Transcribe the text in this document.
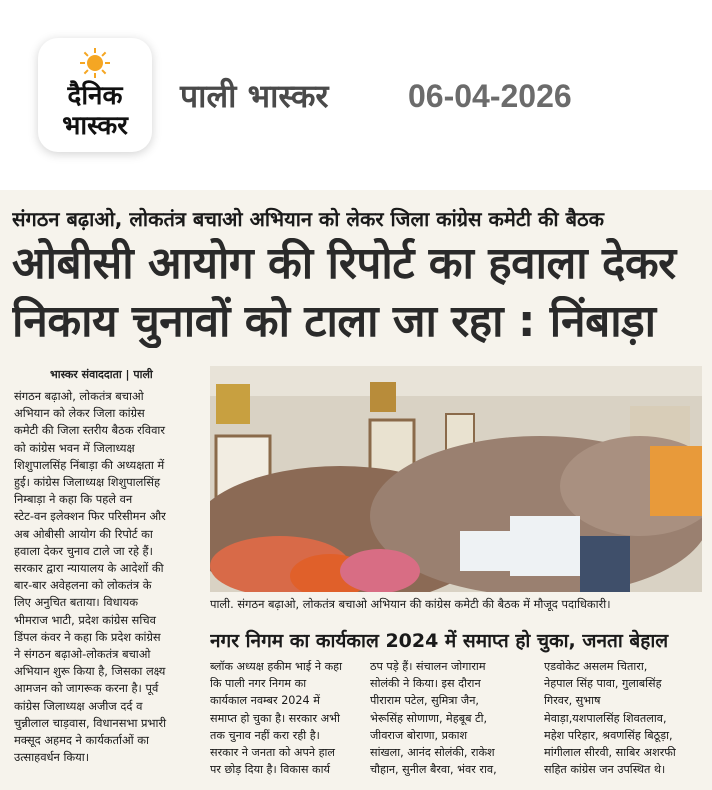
दैनिक
भास्कर
पाली भास्कर 06-04-2026
संगठन बढ़ाओ, लोकतंत्र बचाओ अभियान को लेकर जिला कांग्रेस कमेटी की बैठक
ओबीसी आयोग की रिपोर्ट का हवाला देकर
निकाय चुनावों को टाला जा रहा : निंबाड़ा
भास्कर संवाददाता | पाली

संगठन बढ़ाओ, लोकतंत्र बचाओ

अभियान को लेकर जिला कांग्रेस

कमेटी की जिला स्तरीय बैठक रविवार

को कांग्रेस भवन में जिलाध्यक्ष

शिशुपालसिंह निंबाड़ा की अध्यक्षता में

हुई। कांग्रेस जिलाध्यक्ष शिशुपालसिंह

निम्बाड़ा ने कहा कि पहले वन

स्टेट-वन इलेक्शन फिर परिसीमन और

अब ओबीसी आयोग की रिपोर्ट का

हवाला देकर चुनाव टाले जा रहे हैं।

सरकार द्वारा न्यायालय के आदेशों की

बार-बार अवेहलना को लोकतंत्र के

लिए अनुचित बताया। विधायक

भीमराज भाटी, प्रदेश कांग्रेस सचिव

डिंपल कंवर ने कहा कि प्रदेश कांग्रेस

ने संगठन बढ़ाओ-लोकतंत्र बचाओ

अभियान शुरू किया है, जिसका लक्ष्य

आमजन को जागरूक करना है। पूर्व

कांग्रेस जिलाध्यक्ष अजीज दर्द व

चुन्नीलाल चाड़वास, विधानसभा प्रभारी

मक्सूद अहमद ने कार्यकर्ताओं का

उत्साहवर्धन किया।

पाली. संगठन बढ़ाओ, लोकतंत्र बचाओ अभियान की कांग्रेस कमेटी की बैठक में मौजूद पदाधिकारी।
नगर निगम का कार्यकाल 2024 में समाप्त हो चुका, जनता बेहाल

ब्लॉक अध्यक्ष हकीम भाई ने कहा

कि पाली नगर निगम का

कार्यकाल नवम्बर 2024 में

समाप्त हो चुका है। सरकार अभी

तक चुनाव नहीं करा रही है।

सरकार ने जनता को अपने हाल

पर छोड़ दिया है। विकास कार्य

ठप पड़े हैं। संचालन जोगाराम

सोलंकी ने किया। इस दौरान

पीराराम पटेल, सुमित्रा जैन,

भेरूसिंह सोणाणा, मेहबूब टी,

जीवराज बोराणा, प्रकाश

सांखला, आनंद सोलंकी, राकेश

चौहान, सुनील बैरवा, भंवर राव,

एडवोकेट असलम चितारा,

नेहपाल सिंह पावा, गुलाबसिंह

गिरवर, सुभाष

मेवाड़ा,यशपालसिंह शिवतलाव,

महेश परिहार, श्रवणसिंह बिठूड़ा,

मांगीलाल सीरवी, साबिर अशरफी

सहित कांग्रेस जन उपस्थित थे।
